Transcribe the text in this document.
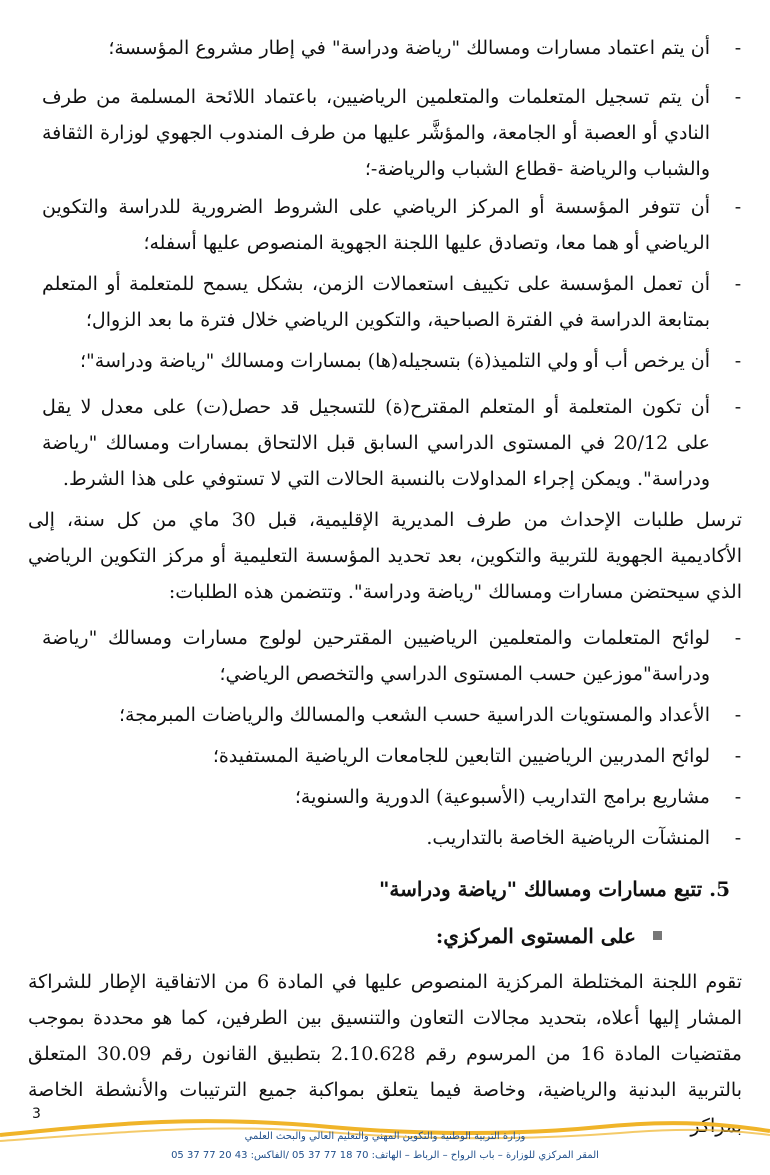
-
أن يتم اعتماد مسارات ومسالك "رياضة ودراسة" في إطار مشروع المؤسسة؛
-
أن يتم تسجيل المتعلمات والمتعلمين الرياضيين، باعتماد اللائحة المسلمة من طرف النادي أو العصبة أو الجامعة، والمؤشَّر عليها من طرف المندوب الجهوي لوزارة الثقافة والشباب والرياضة -قطاع الشباب والرياضة-؛
-
أن تتوفر المؤسسة أو المركز الرياضي على الشروط الضرورية للدراسة والتكوين الرياضي أو هما معا، وتصادق عليها اللجنة الجهوية المنصوص عليها أسفله؛
-
أن تعمل المؤسسة على تكييف استعمالات الزمن، بشكل يسمح للمتعلمة أو المتعلم بمتابعة الدراسة في الفترة الصباحية، والتكوين الرياضي خلال فترة ما بعد الزوال؛
-
أن يرخص أب أو ولي التلميذ(ة) بتسجيله(ها) بمسارات ومسالك "رياضة ودراسة"؛
-
أن تكون المتعلمة أو المتعلم المقترح(ة) للتسجيل قد حصل(ت) على معدل لا يقل على 20/12 في المستوى الدراسي السابق قبل الالتحاق بمسارات ومسالك "رياضة ودراسة". ويمكن إجراء المداولات بالنسبة الحالات التي لا تستوفي على هذا الشرط.
ترسل طلبات الإحداث من طرف المديرية الإقليمية، قبل 30 ماي من كل سنة، إلى الأكاديمية الجهوية للتربية والتكوين، بعد تحديد المؤسسة التعليمية أو مركز التكوين الرياضي الذي سيحتضن مسارات ومسالك "رياضة ودراسة". وتتضمن هذه الطلبات:
-
لوائح المتعلمات والمتعلمين الرياضيين المقترحين لولوج مسارات ومسالك "رياضة ودراسة"موزعين حسب المستوى الدراسي والتخصص الرياضي؛
-
الأعداد والمستويات الدراسية حسب الشعب والمسالك والرياضات المبرمجة؛
-
لوائح المدربين الرياضيين التابعين للجامعات الرياضية المستفيدة؛
-
مشاريع برامج التداريب (الأسبوعية) الدورية والسنوية؛
-
المنشآت الرياضية الخاصة بالتداريب.
5. تتبع مسارات ومسالك "رياضة ودراسة"
على المستوى المركزي:
تقوم اللجنة المختلطة المركزية المنصوص عليها في المادة 6 من الاتفاقية الإطار للشراكة المشار إليها أعلاه، بتحديد مجالات التعاون والتنسيق بين الطرفين، كما هو محددة بموجب مقتضيات المادة 16 من المرسوم رقم 2.10.628 بتطبيق القانون رقم 30.09 المتعلق بالتربية البدنية والرياضية، وخاصة فيما يتعلق بمواكبة جميع الترتيبات والأنشطة الخاصة بمراكز
3
وزارة التربية الوطنية والتكوين المهني والتعليم العالي والبحث العلمي
المقر المركزي للوزارة – باب الرواح – الرباط – الهاتف: 70 18 77 37 05 /الفاكس: 43 20 77 37 05
